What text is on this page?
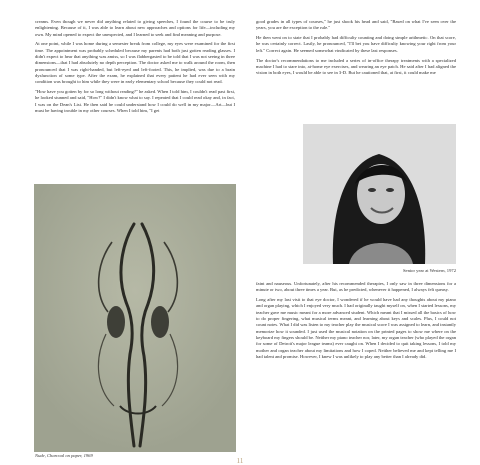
creams. Even though we never did anything related to giving speeches, I found the course to be truly enlightening. Because of it, I was able to learn about new approaches and options for life—including my own. My mind opened to expect the unexpected, and I learned to seek and find meaning and purpose.

At one point, while I was home during a semester break from college, my eyes were examined for the first time. The appointment was probably scheduled because my parents had both just gotten reading glasses. I didn't expect to hear that anything was amiss, so I was flabbergasted to be told that I was not seeing in three dimensions—that I had absolutely no depth perception. The doctor asked me to walk around the room, then pronounced that I was right-handed, but left-eyed and left-footed. This, he implied, was due to a brain dysfunction of some type. After the exam, he explained that every patient he had ever seen with my condition was brought to him while they were in early elementary school because they could not read.

"How have you gotten by for so long without reading?" he asked. When I told him, I couldn't read past first, he looked stunned and said, "How?" I didn't know what to say. I repeated that I could read okay and, in fact, I was on the Dean's List. He then said he could understand how I could do well in my major—Art—but I must be having trouble in my other courses. When I told him, "I get

Nude, Charcoal on paper, 1969

good grades in all types of courses," he just shook his head and said, "Based on what I've seen over the years, you are the exception to the rule."

He then went on to state that I probably had difficulty counting and doing simple arithmetic. On that score, he was certainly correct. Lastly, he pronounced, "I'll bet you have difficulty knowing your right from your left." Correct again. He seemed somewhat vindicated by these last responses.

The doctor's recommendations to me included a series of in-office therapy treatments with a specialized machine I had to stare into, at-home eye exercises, and wearing an eye patch. He said after I had aligned the vision in both eyes, I would be able to see in 3-D. But he cautioned that, at first, it could make me

Senior year at Western, 1972

faint and nauseous. Unfortunately, after his recommended therapies, I only saw in three dimensions for a minute or two, about three times a year. But, as he predicted, whenever it happened, I always felt queasy.

Long after my last visit to that eye doctor, I wondered if he would have had any thoughts about my piano and organ playing, which I enjoyed very much. I had originally taught myself on, when I started lessons, my teacher gave me music meant for a more advanced student. Which meant that I missed all the basics of how to do proper fingering, what musical terms meant, and learning about keys and scales. Plus, I could not count notes. What I did was listen to my teacher play the musical score I was assigned to learn, and instantly memorize how it sounded. I just used the musical notation on the printed pages to show me where on the keyboard my fingers should be. Neither my piano teacher nor, later, my organ teacher (who played the organ for some of Detroit's major league teams) ever caught on. When I decided to quit taking lessons, I told my mother and organ teacher about my limitations and how I coped. Neither believed me and kept telling me I had talent and promise. However, I knew I was unlikely to play any better than I already did.

11
